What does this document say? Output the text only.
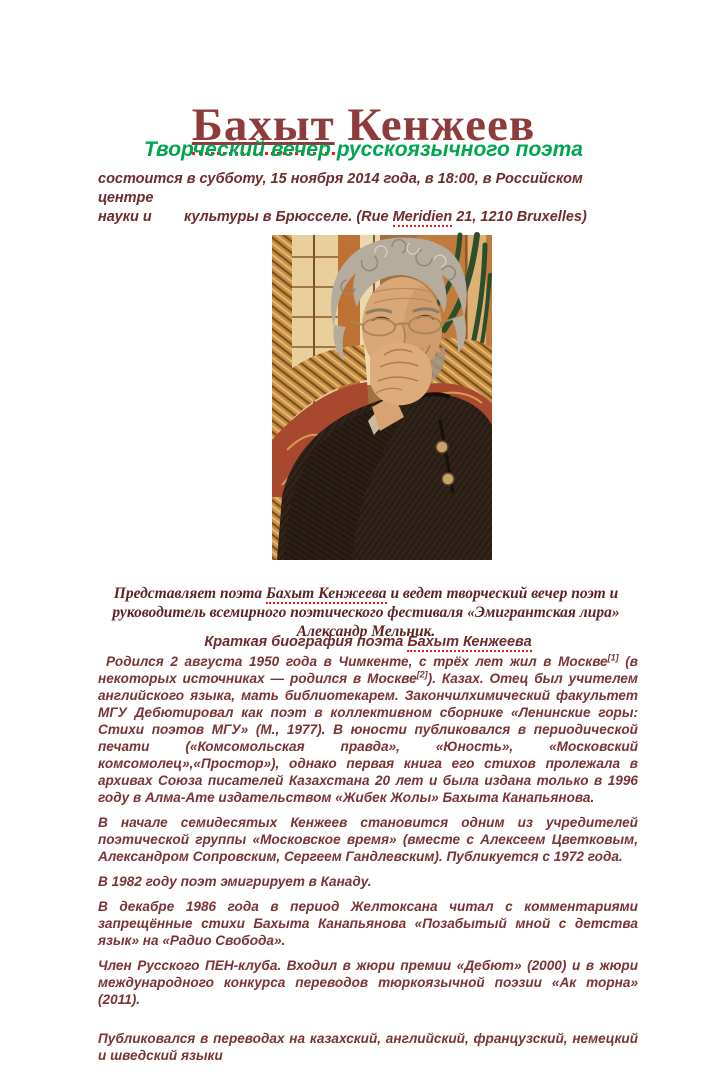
Бахыт Кенжеев
Творческий вечер русскоязычного поэта
состоится в субботу, 15 ноября 2014 года, в 18:00, в Российском центре
науки и        культуры в Брюсселе. (Rue Meridien 21, 1210 Bruxelles)
Представляет поэта Бахыт Кенжеева и ведет творческий вечер поэт и руководитель всемирного поэтического фестиваля «Эмигрантская лира»          Александр Мельник.
Краткая биография поэта Бахыт Кенжеева

Родился 2 августа 1950 года в Чимкенте, с трёх лет жил в Москве[1] (в некоторых источниках — родился в Москве[2]). Казах. Отец был учителем английского языка, мать библиотекарем. Закончилхимический факультет МГУ Дебютировал как поэт в коллективном сборнике «Ленинские горы: Стихи поэтов МГУ» (М., 1977). В юности публиковался в периодической печати («Комсомольская правда», «Юность», «Московский комсомолец»,«Простор»), однако первая книга его стихов пролежала в архивах Союза писателей Казахстана 20 лет и была издана только в 1996 году в Алма-Ате издательством «Жибек Жолы» Бахыта Канапьянова.

В начале семидесятых Кенжеев становится одним из учредителей поэтической группы «Московское время» (вместе с Алексеем Цветковым, Александром Сопровским, Сергеем Гандлевским). Публикуется с 1972 года.

В 1982 году поэт эмигрирует в Канаду.

В декабре 1986 года в период Желтоксана читал с комментариями запрещённые стихи Бахыта Канапьянова «Позабытый мной с детства язык» на «Радио Свобода».

Член Русского ПЕН-клуба. Входил в жюри премии «Дебют» (2000) и в жюри международного конкурса переводов тюркоязычной поэзии «Ак торна» (2011).

Публиковался в переводах на казахский, английский, французский, немецкий и шведский языки
